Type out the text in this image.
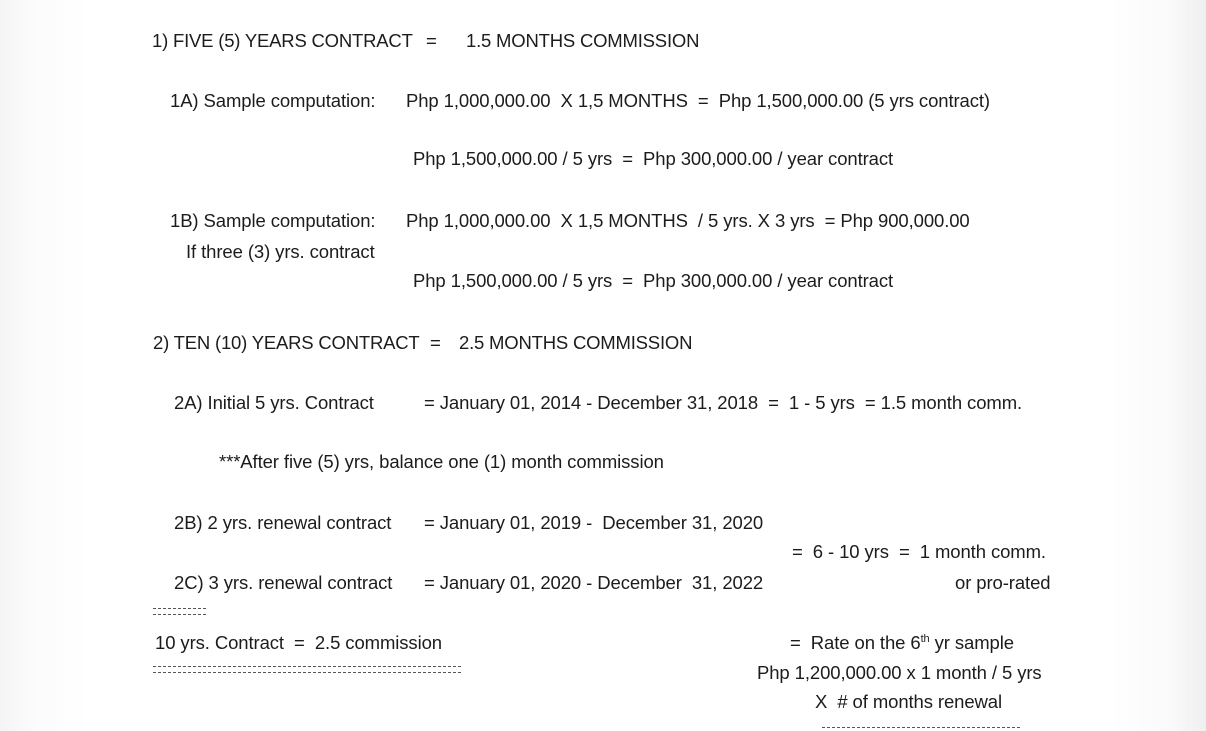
1) FIVE (5) YEARS CONTRACT = 1.5 MONTHS COMMISSION
1A) Sample computation: Php 1,000,000.00  X 1,5 MONTHS  =  Php 1,500,000.00 (5 yrs contract)
Php 1,500,000.00 / 5 yrs  =  Php 300,000.00 / year contract
1B) Sample computation: Php 1,000,000.00  X 1,5 MONTHS  / 5 yrs. X 3 yrs  = Php 900,000.00
If three (3) yrs. contract
Php 1,500,000.00 / 5 yrs  =  Php 300,000.00 / year contract
2) TEN (10) YEARS CONTRACT = 2.5 MONTHS COMMISSION
2A) Initial 5 yrs. Contract	= January 01, 2014 - December 31, 2018  =  1 - 5 yrs  = 1.5 month comm.
***After five (5) yrs, balance one (1) month commission
2B) 2 yrs. renewal contract = January 01, 2019 -  December 31, 2020
=  6 - 10 yrs  =  1 month comm.
2C) 3 yrs. renewal contract = January 01, 2020 - December  31, 2022	or pro-rated
10 yrs. Contract  =  2.5 commission	=  Rate on the 6th yr sample
Php 1,200,000.00 x 1 month / 5 yrs
X  # of months renewal
